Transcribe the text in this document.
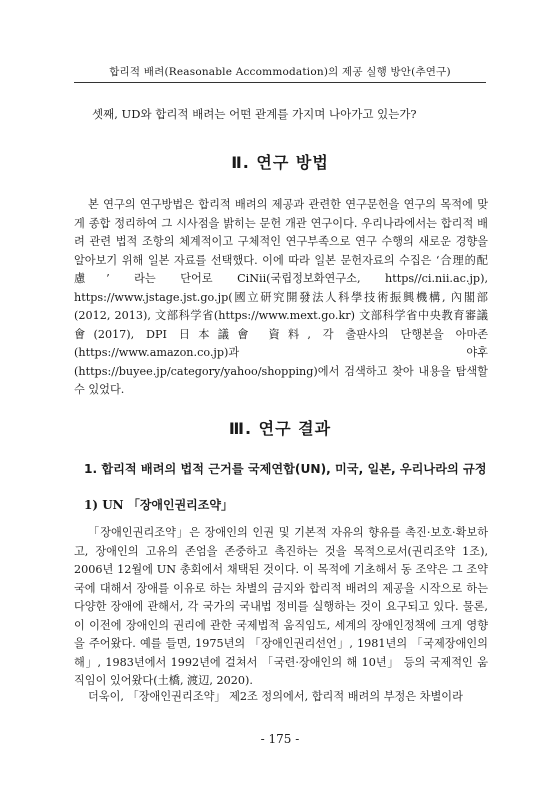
합리적 배려(Reasonable Accommodation)의 제공 실행 방안(추연구)
셋째, UD와 합리적 배려는 어떤 관계를 가지며 나아가고 있는가?
Ⅱ. 연구 방법
본 연구의 연구방법은 합리적 배려의 제공과 관련한 연구문헌을 연구의 목적에 맞게 종합 정리하여 그 시사점을 밝히는 문헌 개관 연구이다. 우리나라에서는 합리적 배려 관련 법적 조항의 체계적이고 구체적인 연구부족으로 연구 수행의 새로운 경향을 알아보기 위해 일본 자료를 선택했다. 이에 따라 일본 문헌자료의 수집은 ‘合理的配慮’ 라는 단어로 CiNii(국립정보화연구소, https//ci.nii.ac.jp), https://www.jstage.jst.go.jp(國立研究開發法人科學技術振興機構, 內閣部(2012, 2013), 文部科学省(https://www.mext.go.kr) 文部科学省中央教育審議會(2017), DPI 日本議會 資料, 각 출판사의 단행본을 아마존(https://www.amazon.co.jp)과 야후(https://buyee.jp/category/yahoo/shopping)에서 검색하고 찾아 내용을 탐색할 수 있었다.
Ⅲ. 연구 결과
1. 합리적 배려의 법적 근거를 국제연합(UN), 미국, 일본, 우리나라의 규정
1) UN 「장애인권리조약」
「장애인권리조약」은 장애인의 인권 및 기본적 자유의 향유를 촉진·보호·확보하고, 장애인의 고유의 존엄을 존중하고 촉진하는 것을 목적으로서(권리조약 1조), 2006년 12월에 UN 총회에서 채택된 것이다. 이 목적에 기초해서 동 조약은 그 조약국에 대해서 장애를 이유로 하는 차별의 금지와 합리적 배려의 제공을 시작으로 하는 다양한 장애에 관해서, 각 국가의 국내법 정비를 실행하는 것이 요구되고 있다. 물론, 이 이전에 장애인의 권리에 관한 국제법적 움직임도, 세계의 장애인정책에 크게 영향을 주어왔다. 예를 들면, 1975년의 「장애인권리선언」, 1981년의 「국제장애인의 해」, 1983년에서 1992년에 걸쳐서 「국련·장애인의 해 10년」 등의 국제적인 움직임이 있어왔다(土橋, 渡辺, 2020).
더욱이, 「장애인권리조약」 제2조 정의에서, 합리적 배려의 부정은 차별이라
- 175 -
